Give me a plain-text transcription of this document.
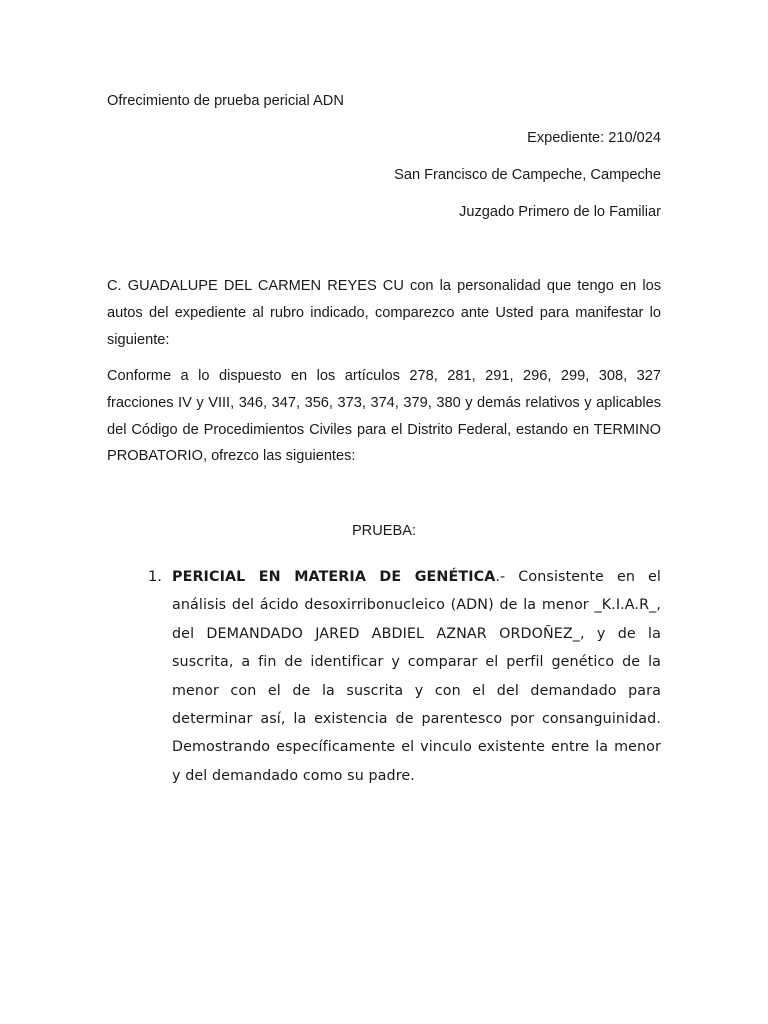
Ofrecimiento de prueba pericial ADN
Expediente: 210/024
San Francisco de Campeche, Campeche
Juzgado Primero de lo Familiar
C. GUADALUPE DEL CARMEN REYES CU con la personalidad que tengo en los autos del expediente al rubro indicado, comparezco ante Usted para manifestar lo siguiente:
Conforme a lo dispuesto en los artículos 278, 281, 291, 296, 299, 308, 327 fracciones IV y VIII, 346, 347, 356, 373, 374, 379, 380 y demás relativos y aplicables del Código de Procedimientos Civiles para el Distrito Federal, estando en TERMINO PROBATORIO, ofrezco las siguientes:
PRUEBA:
1. PERICIAL EN MATERIA DE GENÉTICA.- Consistente en el análisis del ácido desoxirribonucleico (ADN) de la menor _K.I.A.R_, del DEMANDADO JARED ABDIEL AZNAR ORDOÑEZ_, y de la suscrita, a fin de identificar y comparar el perfil genético de la menor con el de la suscrita y con el del demandado para determinar así, la existencia de parentesco por consanguinidad. Demostrando específicamente el vinculo existente entre la menor y del demandado como su padre.
